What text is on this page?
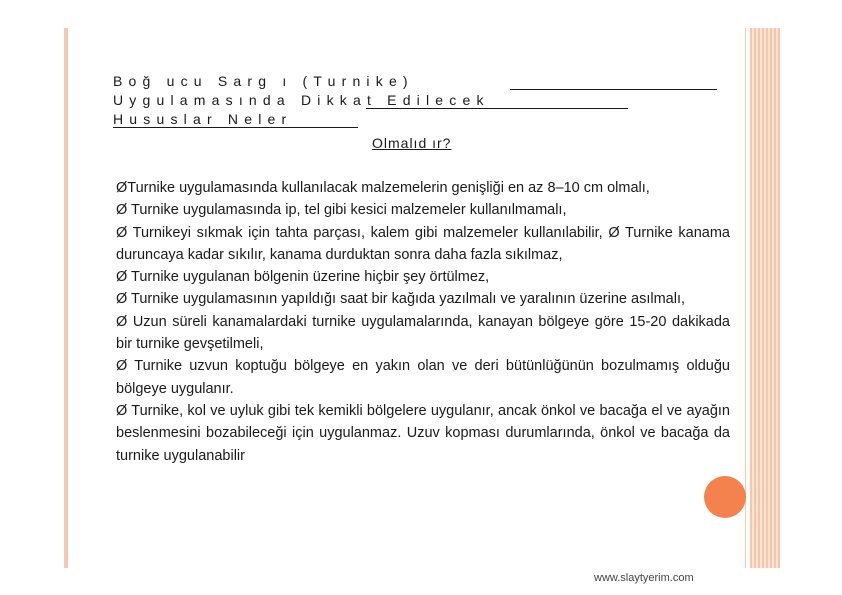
Boğ ucu Sarg ı (Turnike)
Uygulamasında Dikkat Edilecek
Hususlar Neler
Olmalıd ır?

ØTurnike uygulamasında kullanılacak malzemelerin genişliği en az 8–10 cm olmalı,

Ø Turnike uygulamasında ip, tel gibi kesici malzemeler kullanılmamalı,

Ø Turnikeyi sıkmak için tahta parçası, kalem gibi malzemeler kullanılabilir, Ø Turnike kanama duruncaya kadar sıkılır, kanama durduktan sonra daha fazla sıkılmaz,

Ø Turnike uygulanan bölgenin üzerine hiçbir şey örtülmez,

Ø Turnike uygulamasının yapıldığı saat bir kağıda yazılmalı ve yaralının üzerine asılmalı,

Ø Uzun süreli kanamalardaki turnike uygulamalarında, kanayan bölgeye göre 15-20 dakikada bir turnike gevşetilmeli,

Ø Turnike uzvun koptuğu bölgeye en yakın olan ve deri bütünlüğünün bozulmamış olduğu bölgeye uygulanır.

Ø Turnike, kol ve uyluk gibi tek kemikli bölgelere uygulanır, ancak önkol ve bacağa el ve ayağın beslenmesini bozabileceği için uygulanmaz. Uzuv kopması durumlarında, önkol ve bacağa da turnike uygulanabilir

www.slaytyerim.com
